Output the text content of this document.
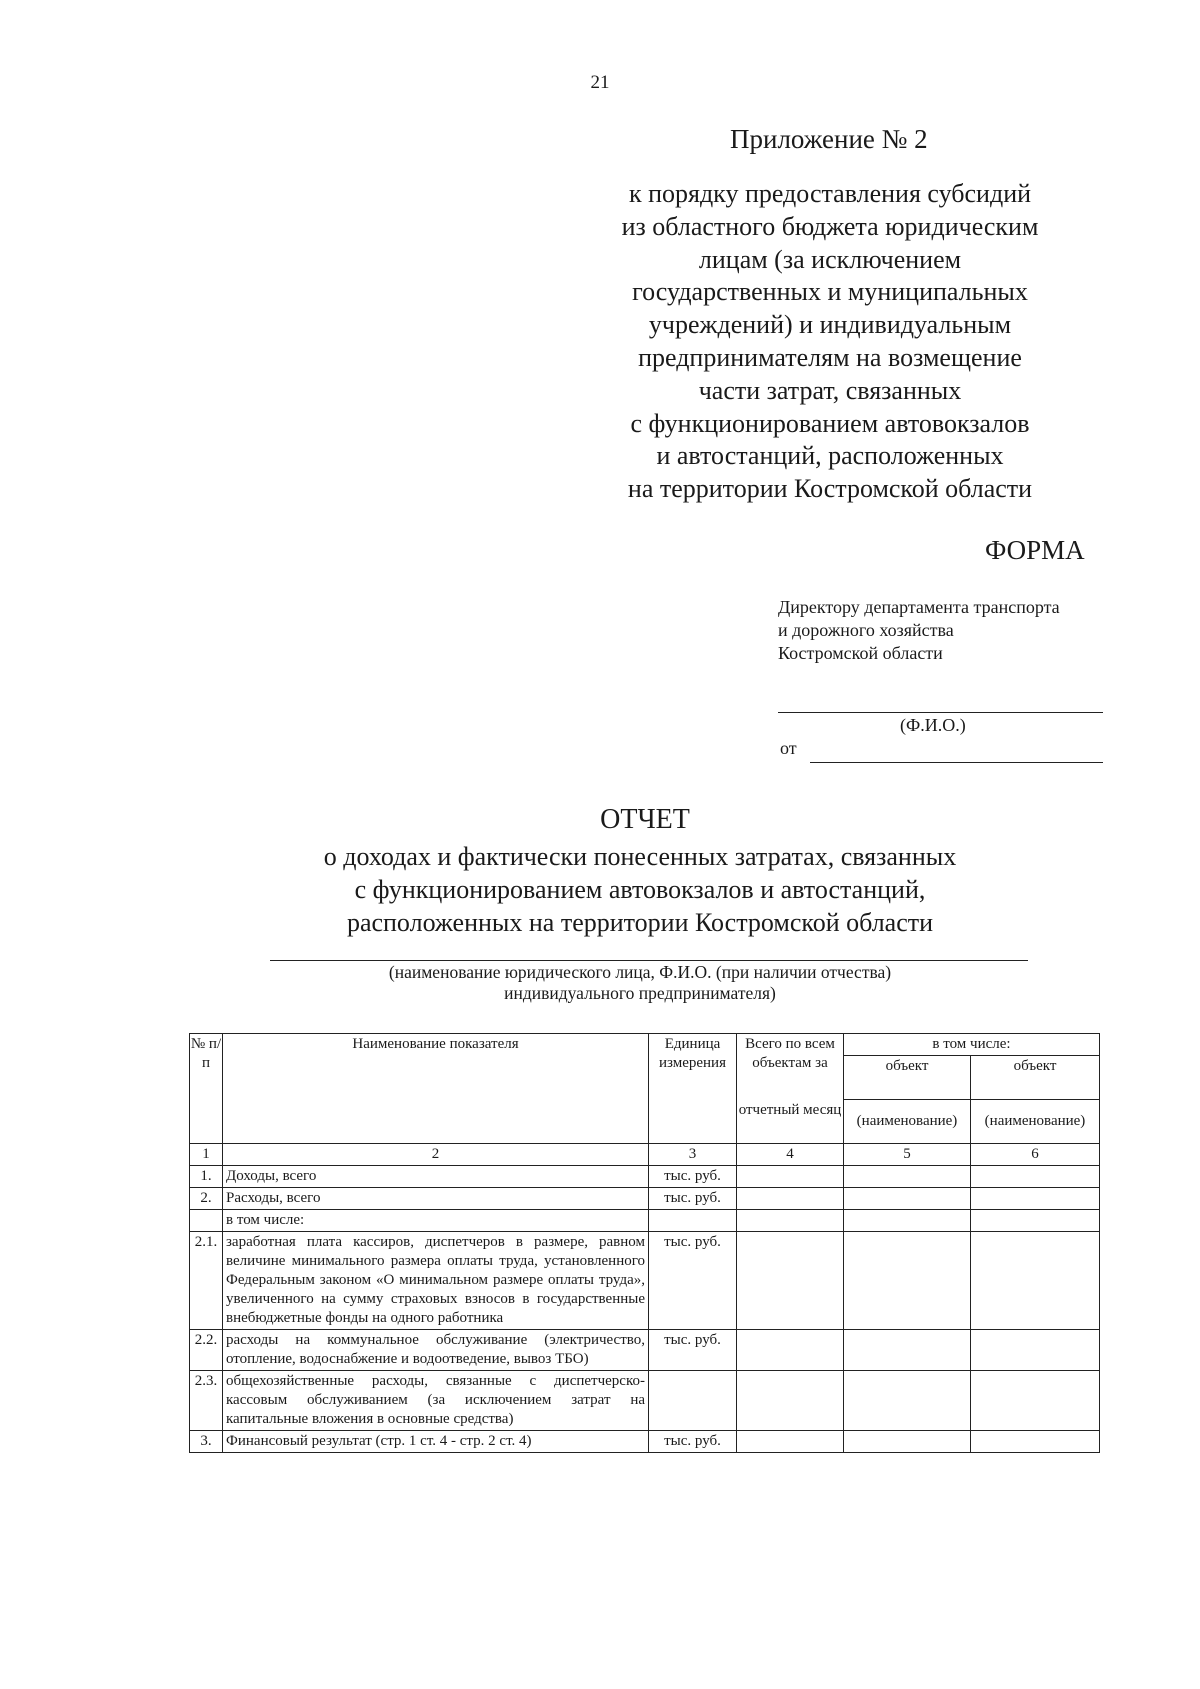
21
Приложение № 2
к порядку предоставления субсидий
из областного бюджета юридическим
лицам (за исключением
государственных и муниципальных
учреждений) и индивидуальным
предпринимателям на возмещение
части затрат, связанных
с функционированием автовокзалов
и автостанций, расположенных
на территории Костромской области
ФОРМА
Директору департамента транспорта
и дорожного хозяйства
Костромской области
(Ф.И.О.)
от
ОТЧЕТ
о доходах и фактически понесенных затратах, связанных
с функционированием автовокзалов и автостанций,
расположенных на территории Костромской области
(наименование юридического лица, Ф.И.О. (при наличии отчества)
индивидуального предпринимателя)
№ п/п	Наименование показателя	Единица измерения	Всего по всем объектам за	в том числе:	
				объект	объект
			отчетный месяц	(наименование)	(наименование)
1	2	3	4	5	6
1.	Доходы, всего	тыс. руб.			
2.	Расходы, всего	тыс. руб.			
	в том числе:				
2.1.	заработная плата кассиров, диспетчеров в размере, равном величине минимального размера оплаты труда, установленного Федеральным законом «О минимальном размере оплаты труда», увеличенного на сумму страховых взносов в государственные внебюджетные фонды на одного работника	тыс. руб.			
2.2.	расходы на коммунальное обслуживание (электричество, отопление, водоснабжение и водоотведение, вывоз ТБО)	тыс. руб.			
2.3.	общехозяйственные расходы, связанные с диспетчерско-кассовым обслуживанием (за исключением затрат на капитальные вложения в основные средства)				
3.	Финансовый результат (стр. 1 ст. 4 - стр. 2 ст. 4)	тыс. руб.			
